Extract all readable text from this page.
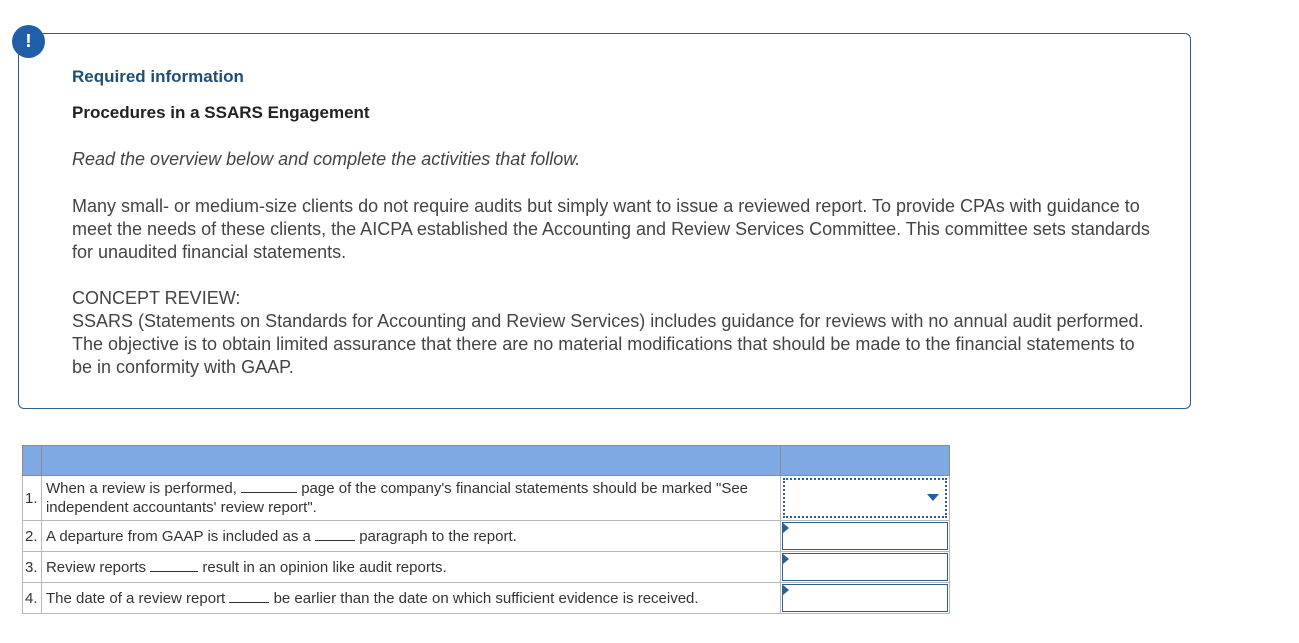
!
Required information
Procedures in a SSARS Engagement
Read the overview below and complete the activities that follow.
Many small- or medium-size clients do not require audits but simply want to issue a reviewed report. To provide CPAs with guidance to meet the needs of these clients, the AICPA established the Accounting and Review Services Committee. This committee sets standards for unaudited financial statements.
CONCEPT REVIEW:
SSARS (Statements on Standards for Accounting and Review Services) includes guidance for reviews with no annual audit performed. The objective is to obtain limited assurance that there are no material modifications that should be made to the financial statements to be in conformity with GAAP.

1.	When a review is performed, page of the company's financial statements should be marked "See independent accountants' review report".	

2.	A departure from GAAP is included as a paragraph to the report.	

3.	Review reports result in an opinion like audit reports.	

4.	The date of a review report be earlier than the date on which sufficient evidence is received.	
